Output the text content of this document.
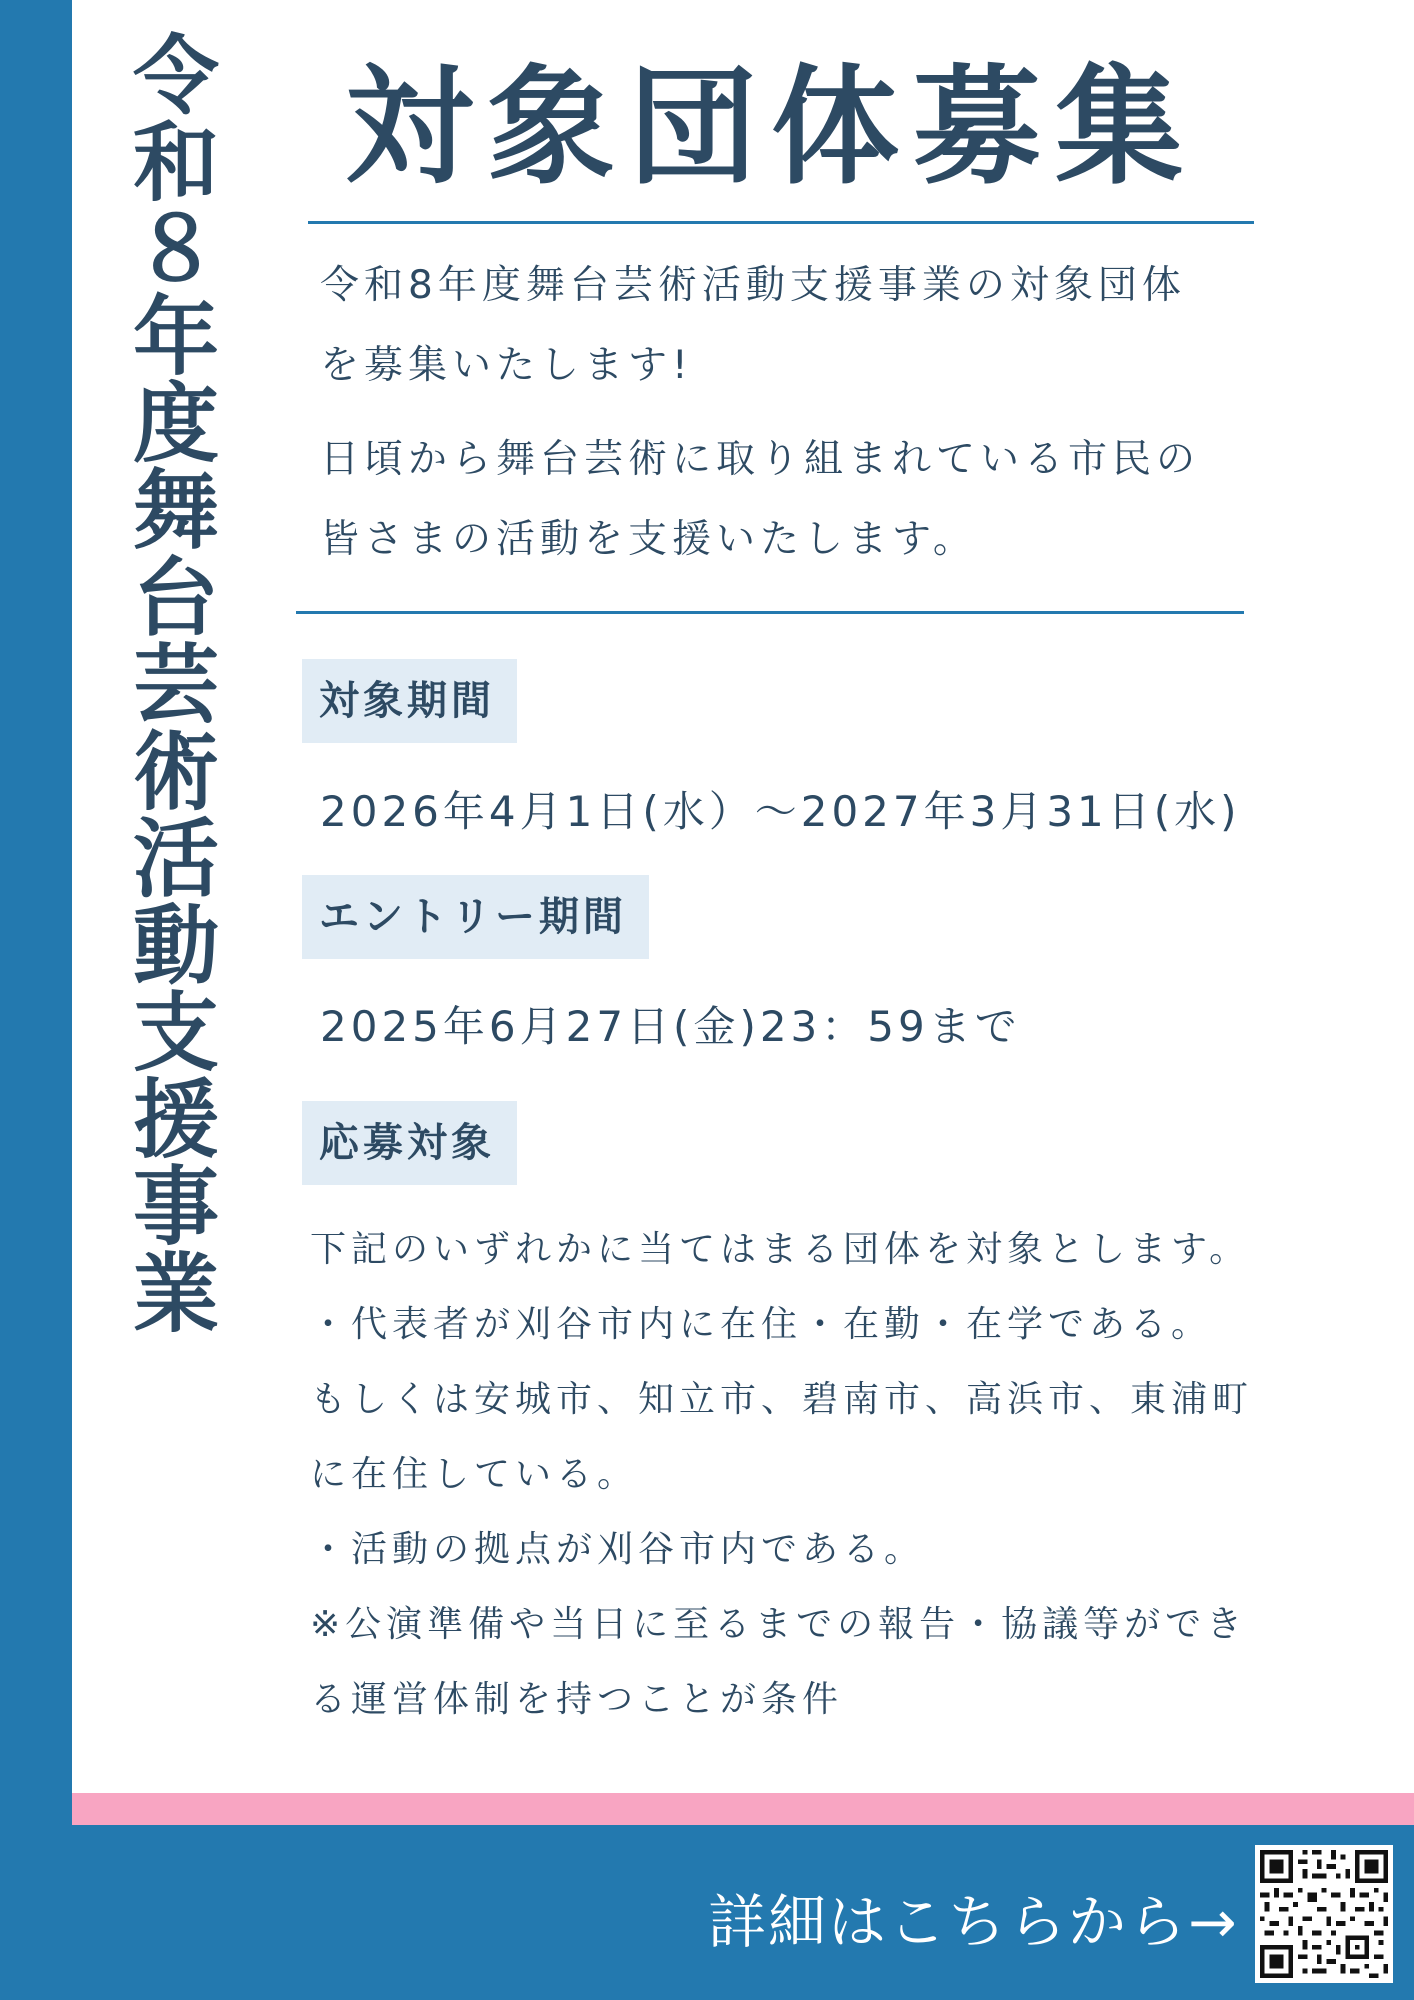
令和８年度舞台芸術活動支援事業 対象団体募集
令和8年度舞台芸術活動支援事業の対象団体
を募集いたします!
日頃から舞台芸術に取り組まれている市民の
皆さまの活動を支援いたします。
対象期間
2026年4月1日(水）～2027年3月31日(水)
エントリー期間
2025年6月27日(金)23：59まで
応募対象
下記のいずれかに当てはまる団体を対象とします。
・代表者が刈谷市内に在住・在勤・在学である。
もしくは安城市、知立市、碧南市、高浜市、東浦町
に在住している。
・活動の拠点が刈谷市内である。
※公演準備や当日に至るまでの報告・協議等ができ
る運営体制を持つことが条件
詳細はこちらから→
